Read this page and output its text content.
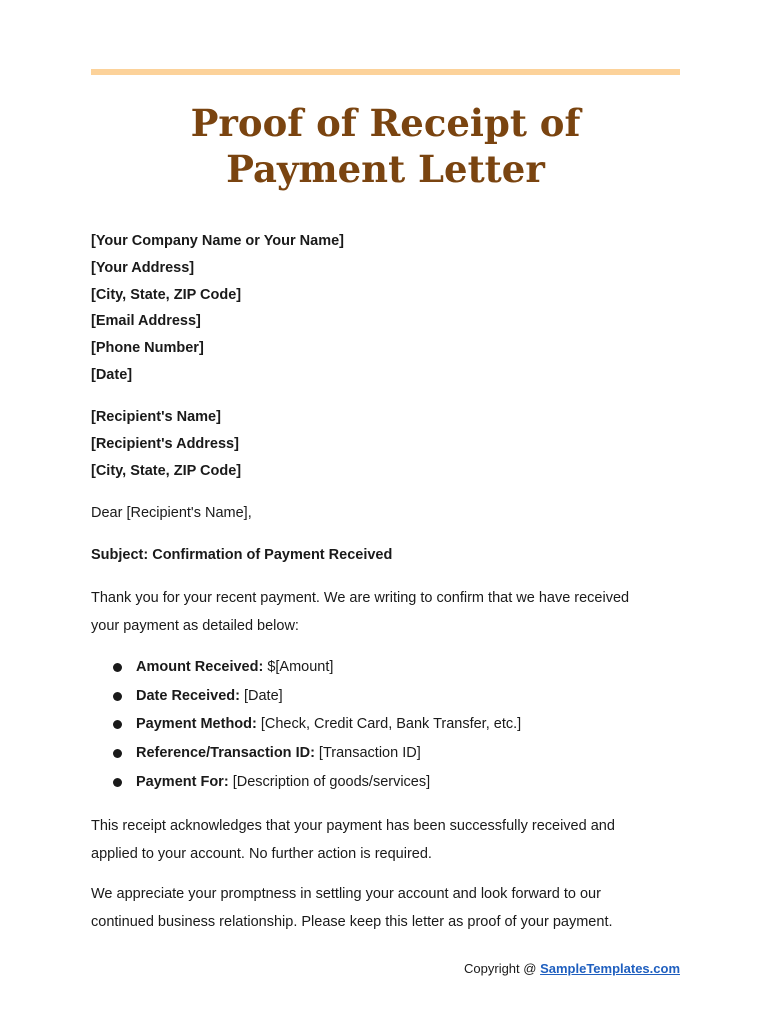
Proof of Receipt of
Payment Letter
[Your Company Name or Your Name]
[Your Address]
[City, State, ZIP Code]
[Email Address]
[Phone Number]
[Date]
[Recipient's Name]
[Recipient's Address]
[City, State, ZIP Code]
Dear [Recipient's Name],
Subject: Confirmation of Payment Received
Thank you for your recent payment. We are writing to confirm that we have received
your payment as detailed below:
Amount Received: $[Amount]
Date Received: [Date]
Payment Method: [Check, Credit Card, Bank Transfer, etc.]
Reference/Transaction ID: [Transaction ID]
Payment For: [Description of goods/services]
This receipt acknowledges that your payment has been successfully received and
applied to your account. No further action is required.
We appreciate your promptness in settling your account and look forward to our
continued business relationship. Please keep this letter as proof of your payment.
Copyright @ SampleTemplates.com
